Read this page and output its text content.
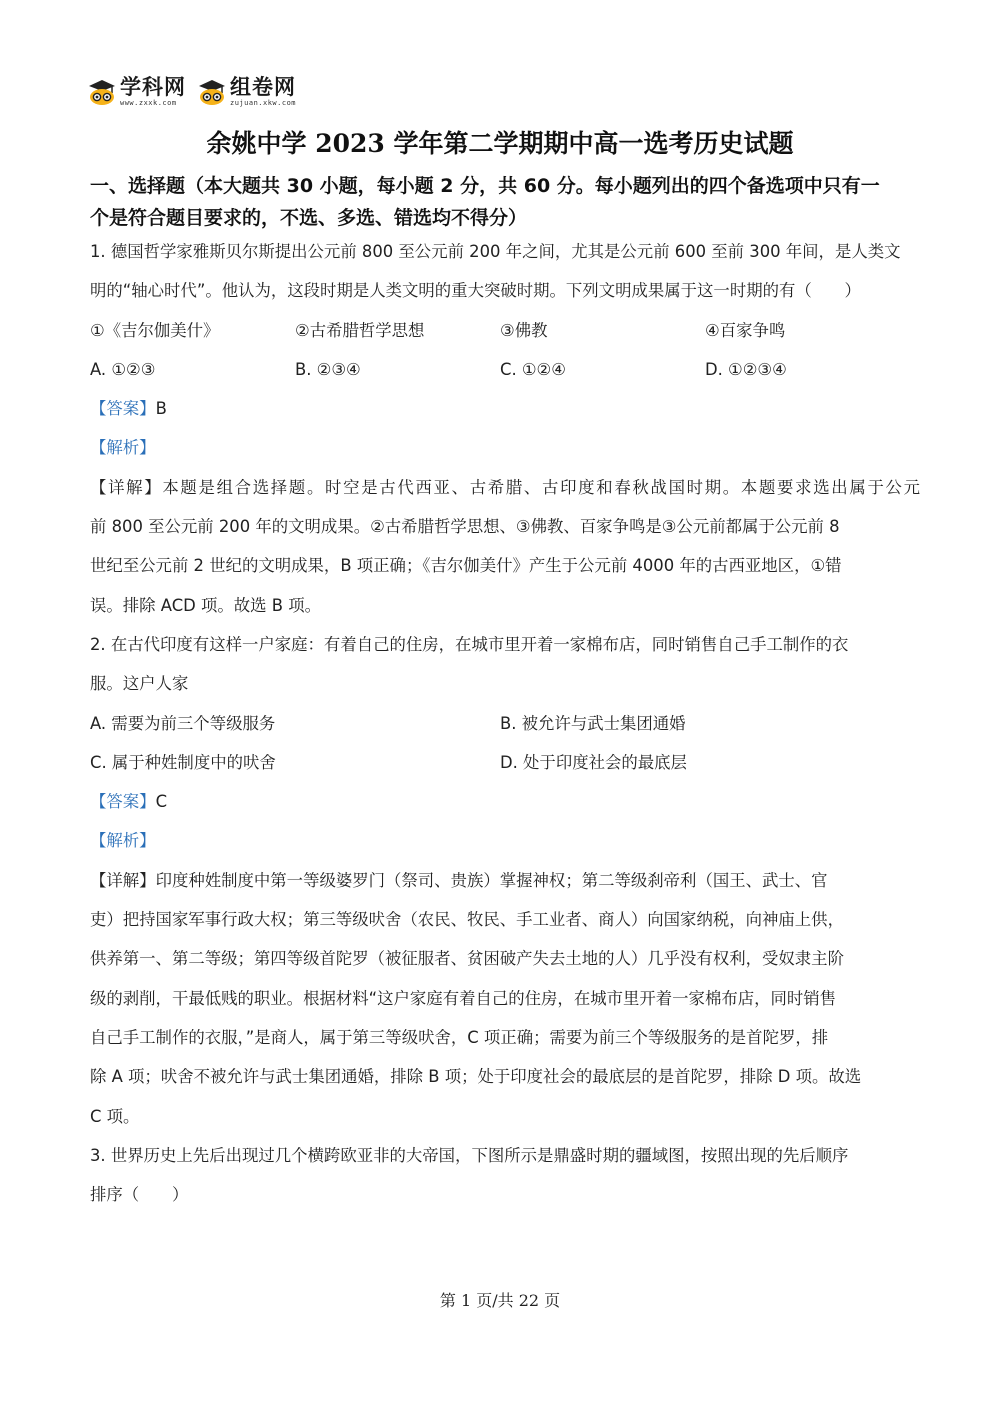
学科网
www.zxxk.com
组卷网
zujuan.xkw.com
余姚中学 2023 学年第二学期期中高一选考历史试题
一、选择题（本大题共 30 小题，每小题 2 分，共 60 分。每小题列出的四个备选项中只有一
个是符合题目要求的，不选、多选、错选均不得分）
1. 德国哲学家雅斯贝尔斯提出公元前 800 至公元前 200 年之间，尤其是公元前 600 至前 300 年间，是人类文
明的“轴心时代”。他认为，这段时期是人类文明的重大突破时期。下列文明成果属于这一时期的有（　　）
①《吉尔伽美什》	②古希腊哲学思想	③佛教	④百家争鸣
A. ①②③	B. ②③④	C. ①②④	D. ①②③④
【答案】B
【解析】
【详解】本题是组合选择题。时空是古代西亚、古希腊、古印度和春秋战国时期。本题要求选出属于公元
前 800 至公元前 200 年的文明成果。②古希腊哲学思想、③佛教、百家争鸣是③公元前都属于公元前 8
世纪至公元前 2 世纪的文明成果，B 项正确；《吉尔伽美什》产生于公元前 4000 年的古西亚地区，①错
误。排除 ACD 项。故选 B 项。
2. 在古代印度有这样一户家庭：有着自己的住房，在城市里开着一家棉布店，同时销售自己手工制作的衣
服。这户人家
A. 需要为前三个等级服务	B. 被允许与武士集团通婚
C. 属于种姓制度中的吠舍	D. 处于印度社会的最底层
【答案】C
【解析】
【详解】印度种姓制度中第一等级婆罗门（祭司、贵族）掌握神权；第二等级刹帝利（国王、武士、官
吏）把持国家军事行政大权；第三等级吠舍（农民、牧民、手工业者、商人）向国家纳税，向神庙上供，
供养第一、第二等级；第四等级首陀罗（被征服者、贫困破产失去土地的人）几乎没有权利，受奴隶主阶
级的剥削，干最低贱的职业。根据材料“这户家庭有着自己的住房，在城市里开着一家棉布店，同时销售
自己手工制作的衣服，”是商人，属于第三等级吠舍，C 项正确；需要为前三个等级服务的是首陀罗，排
除 A 项；吠舍不被允许与武士集团通婚，排除 B 项；处于印度社会的最底层的是首陀罗，排除 D 项。故选
C 项。
3. 世界历史上先后出现过几个横跨欧亚非的大帝国，下图所示是鼎盛时期的疆域图，按照出现的先后顺序
排序（　　）
第 1 页/共 22 页
